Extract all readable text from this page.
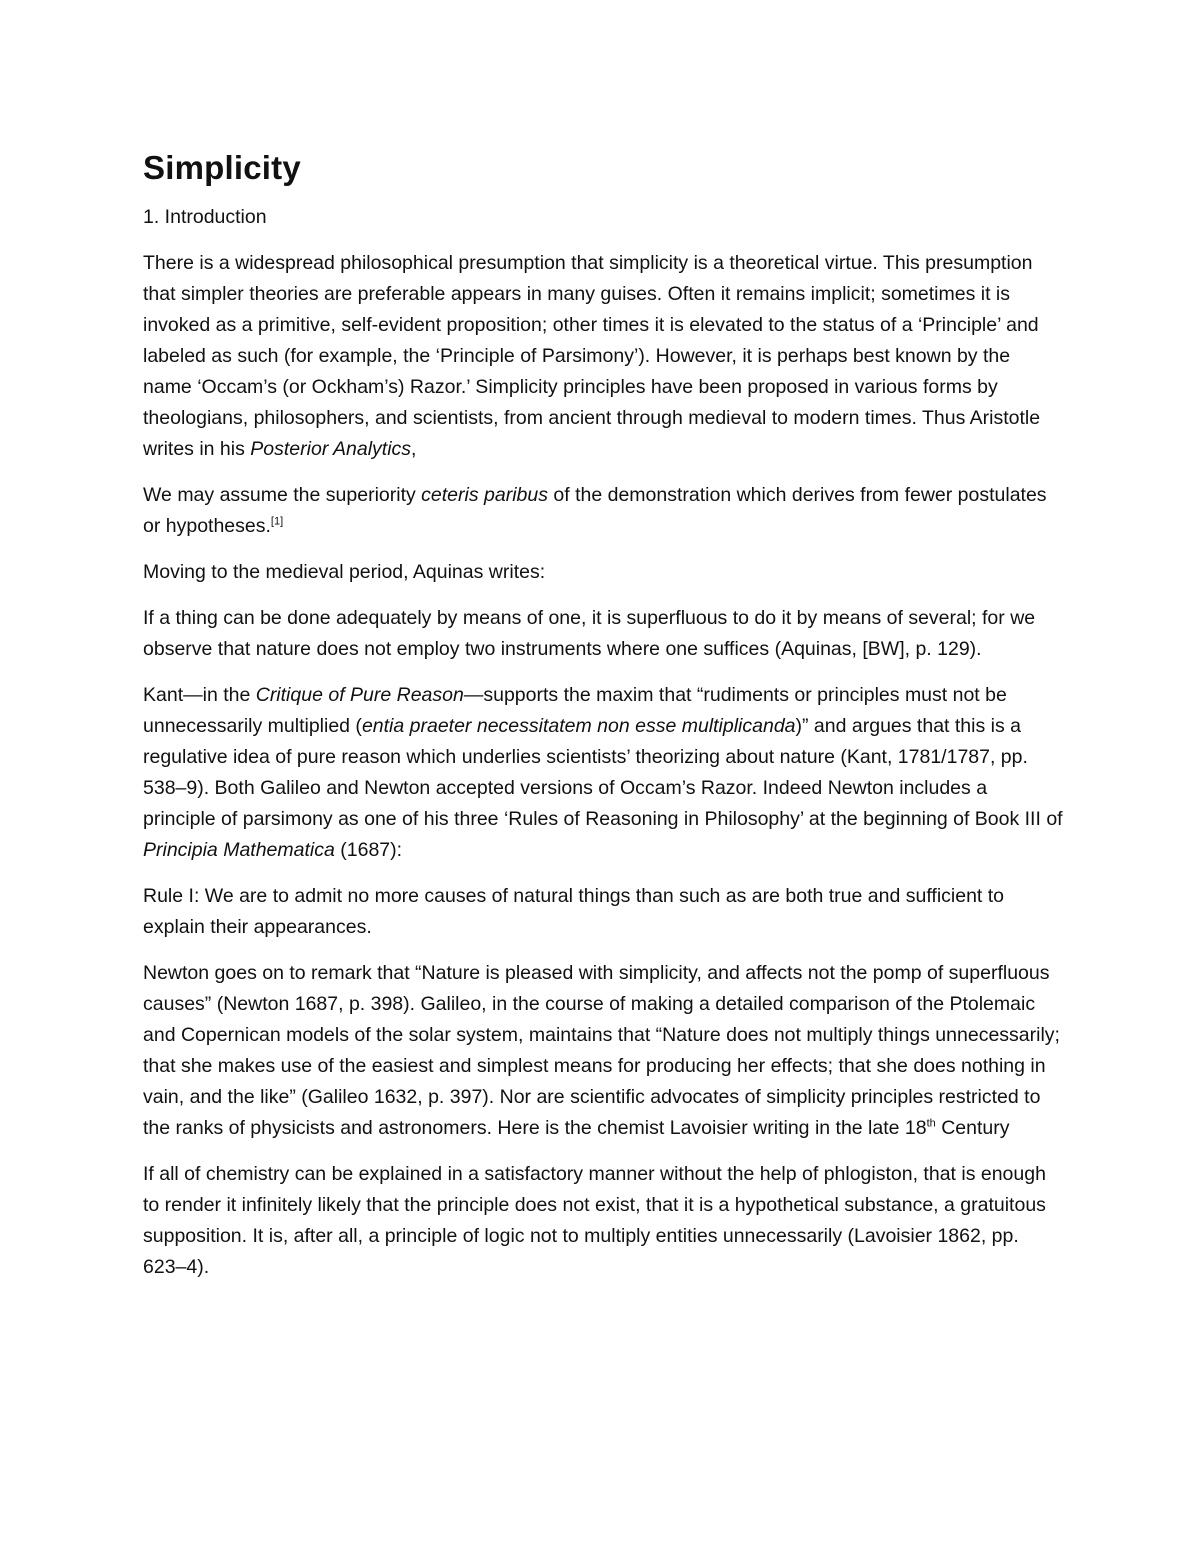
Simplicity
1. Introduction

There is a widespread philosophical presumption that simplicity is a theoretical virtue. This presumption that simpler theories are preferable appears in many guises. Often it remains implicit; sometimes it is invoked as a primitive, self-evident proposition; other times it is elevated to the status of a ‘Principle’ and labeled as such (for example, the ‘Principle of Parsimony’). However, it is perhaps best known by the name ‘Occam’s (or Ockham’s) Razor.’ Simplicity principles have been proposed in various forms by theologians, philosophers, and scientists, from ancient through medieval to modern times. Thus Aristotle writes in his Posterior Analytics,

We may assume the superiority ceteris paribus of the demonstration which derives from fewer postulates or hypotheses.[1]

Moving to the medieval period, Aquinas writes:

If a thing can be done adequately by means of one, it is superfluous to do it by means of several; for we observe that nature does not employ two instruments where one suffices (Aquinas, [BW], p. 129).

Kant—in the Critique of Pure Reason—supports the maxim that “rudiments or principles must not be unnecessarily multiplied (entia praeter necessitatem non esse multiplicanda)” and argues that this is a regulative idea of pure reason which underlies scientists’ theorizing about nature (Kant, 1781/1787, pp. 538–9). Both Galileo and Newton accepted versions of Occam’s Razor. Indeed Newton includes a principle of parsimony as one of his three ‘Rules of Reasoning in Philosophy’ at the beginning of Book III of Principia Mathematica (1687):

Rule I: We are to admit no more causes of natural things than such as are both true and sufficient to explain their appearances.

Newton goes on to remark that “Nature is pleased with simplicity, and affects not the pomp of superfluous causes” (Newton 1687, p. 398). Galileo, in the course of making a detailed comparison of the Ptolemaic and Copernican models of the solar system, maintains that “Nature does not multiply things unnecessarily; that she makes use of the easiest and simplest means for producing her effects; that she does nothing in vain, and the like” (Galileo 1632, p. 397). Nor are scientific advocates of simplicity principles restricted to the ranks of physicists and astronomers. Here is the chemist Lavoisier writing in the late 18th Century

If all of chemistry can be explained in a satisfactory manner without the help of phlogiston, that is enough to render it infinitely likely that the principle does not exist, that it is a hypothetical substance, a gratuitous supposition. It is, after all, a principle of logic not to multiply entities unnecessarily (Lavoisier 1862, pp. 623–4).
